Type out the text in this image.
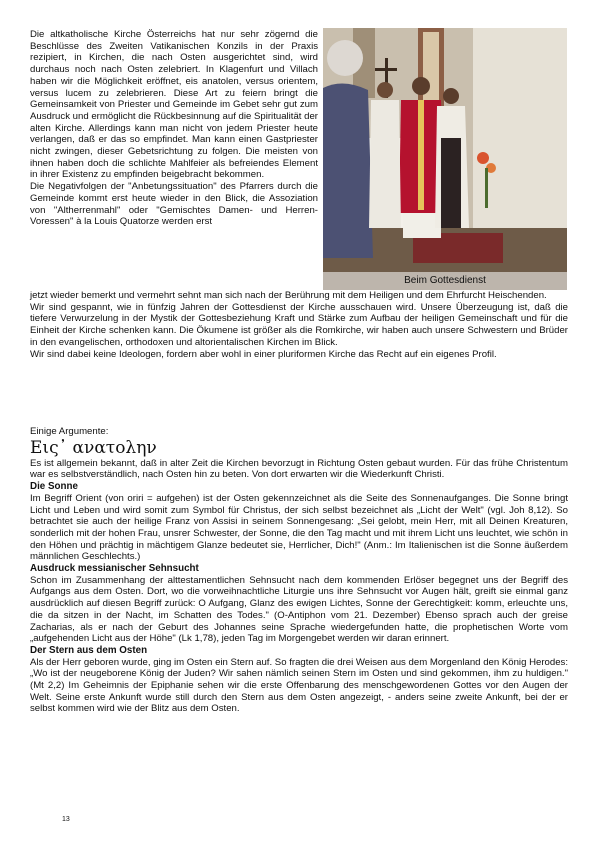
Die altkatholische Kirche Österreichs hat nur sehr zögernd die Beschlüsse des Zweiten Vatikanischen Konzils in der Praxis rezipiert, in Kirchen, die nach Osten ausgerichtet sind, wird durchaus noch nach Osten zelebriert. In Klagenfurt und Villach haben wir die Möglichkeit eröffnet, eis anatolen, versus orientem, versus lucem zu zelebrieren. Diese Art zu feiern bringt die Gemeinsamkeit von Priester und Gemeinde im Gebet sehr gut zum Ausdruck und ermöglicht die Rückbesinnung auf die Spiritualität der alten Kirche. Allerdings kann man nicht von jedem Priester heute verlangen, daß er das so empfindet. Man kann einen Gastpriester nicht zwingen, dieser Gebetsrichtung zu folgen. Die meisten von ihnen haben doch die schlichte Mahlfeier als befreiendes Element in ihrer Existenz zu empfinden beigebracht bekommen.

Die Negativfolgen der "Anbetungssituation" des Pfarrers durch die Gemeinde kommt erst heute wieder in den Blick, die Assoziation von "Altherrenmahl" oder "Gemischtes Damen- und Herren-Voressen" à la Louis Quatorze werden erst

Beim Gottesdienst

jetzt wieder bemerkt und vermehrt sehnt man sich nach der Berührung mit dem Heiligen und dem Ehrfurcht Heischenden.

Wir sind gespannt, wie in fünfzig Jahren der Gottesdienst der Kirche ausschauen wird. Unsere Überzeugung ist, daß die tiefere Verwurzelung in der Mystik der Gottesbeziehung Kraft und Stärke zum Aufbau der heiligen Gemeinschaft und für die Einheit der Kirche schenken kann. Die Ökumene ist größer als die Romkirche, wir haben auch unsere Schwestern und Brüder in den evangelischen, orthodoxen und altorientalischen Kirchen im Blick.

Wir sind dabei keine Ideologen, fordern aber wohl in einer pluriformen Kirche das Recht auf ein eigenes Profil.

Einige Argumente:

Εις᾿ ανατολην

Es ist allgemein bekannt, daß in alter Zeit die Kirchen bevorzugt in Richtung Osten gebaut wurden. Für das frühe Christentum war es selbstverständlich, nach Osten hin zu beten. Von dort erwarten wir die Wiederkunft Christi.

Die Sonne

Im Begriff Orient (von oriri = aufgehen) ist der Osten gekennzeichnet als die Seite des Sonnenaufganges. Die Sonne bringt Licht und Leben und wird somit zum Symbol für Christus, der sich selbst bezeichnet als „Licht der Welt" (vgl. Joh 8,12). So betrachtet sie auch der heilige Franz von Assisi in seinem Sonnengesang: „Sei gelobt, mein Herr, mit all Deinen Kreaturen, sonderlich mit der hohen Frau, unsrer Schwester, der Sonne, die den Tag macht und mit ihrem Licht uns leuchtet, wie schön in den Höhen und prächtig in mächtigem Glanze bedeutet sie, Herrlicher, Dich!" (Anm.: Im Italienischen ist die Sonne äußerdem männlichen Geschlechts.)

Ausdruck messianischer Sehnsucht

Schon im Zusammenhang der alttestamentlichen Sehnsucht nach dem kommenden Erlöser begegnet uns der Begriff des Aufgangs aus dem Osten. Dort, wo die vorweihnachtliche Liturgie uns ihre Sehnsucht vor Augen hält, greift sie einmal ganz ausdrücklich auf diesen Begriff zurück: O Aufgang, Glanz des ewigen Lichtes, Sonne der Gerechtigkeit: komm, erleuchte uns, die da sitzen in der Nacht, im Schatten des Todes." (O-Antiphon vom 21. Dezember) Ebenso sprach auch der greise Zacharias, als er nach der Geburt des Johannes seine Sprache wiedergefunden hatte, die prophetischen Worte vom „aufgehenden Licht aus der Höhe" (Lk 1,78), jeden Tag im Morgengebet werden wir daran erinnert.

Der Stern aus dem Osten

Als der Herr geboren wurde, ging im Osten ein Stern auf. So fragten die drei Weisen aus dem Morgenland den König Herodes: „Wo ist der neugeborene König der Juden? Wir sahen nämlich seinen Stern im Osten und sind gekommen, ihm zu huldigen." (Mt 2,2) Im Geheimnis der Epiphanie sehen wir die erste Offenbarung des menschgewordenen Gottes vor den Augen der Welt. Seine erste Ankunft wurde still durch den Stern aus dem Osten angezeigt, - anders seine zweite Ankunft, bei der er selbst kommen wird wie der Blitz aus dem Osten.

13
